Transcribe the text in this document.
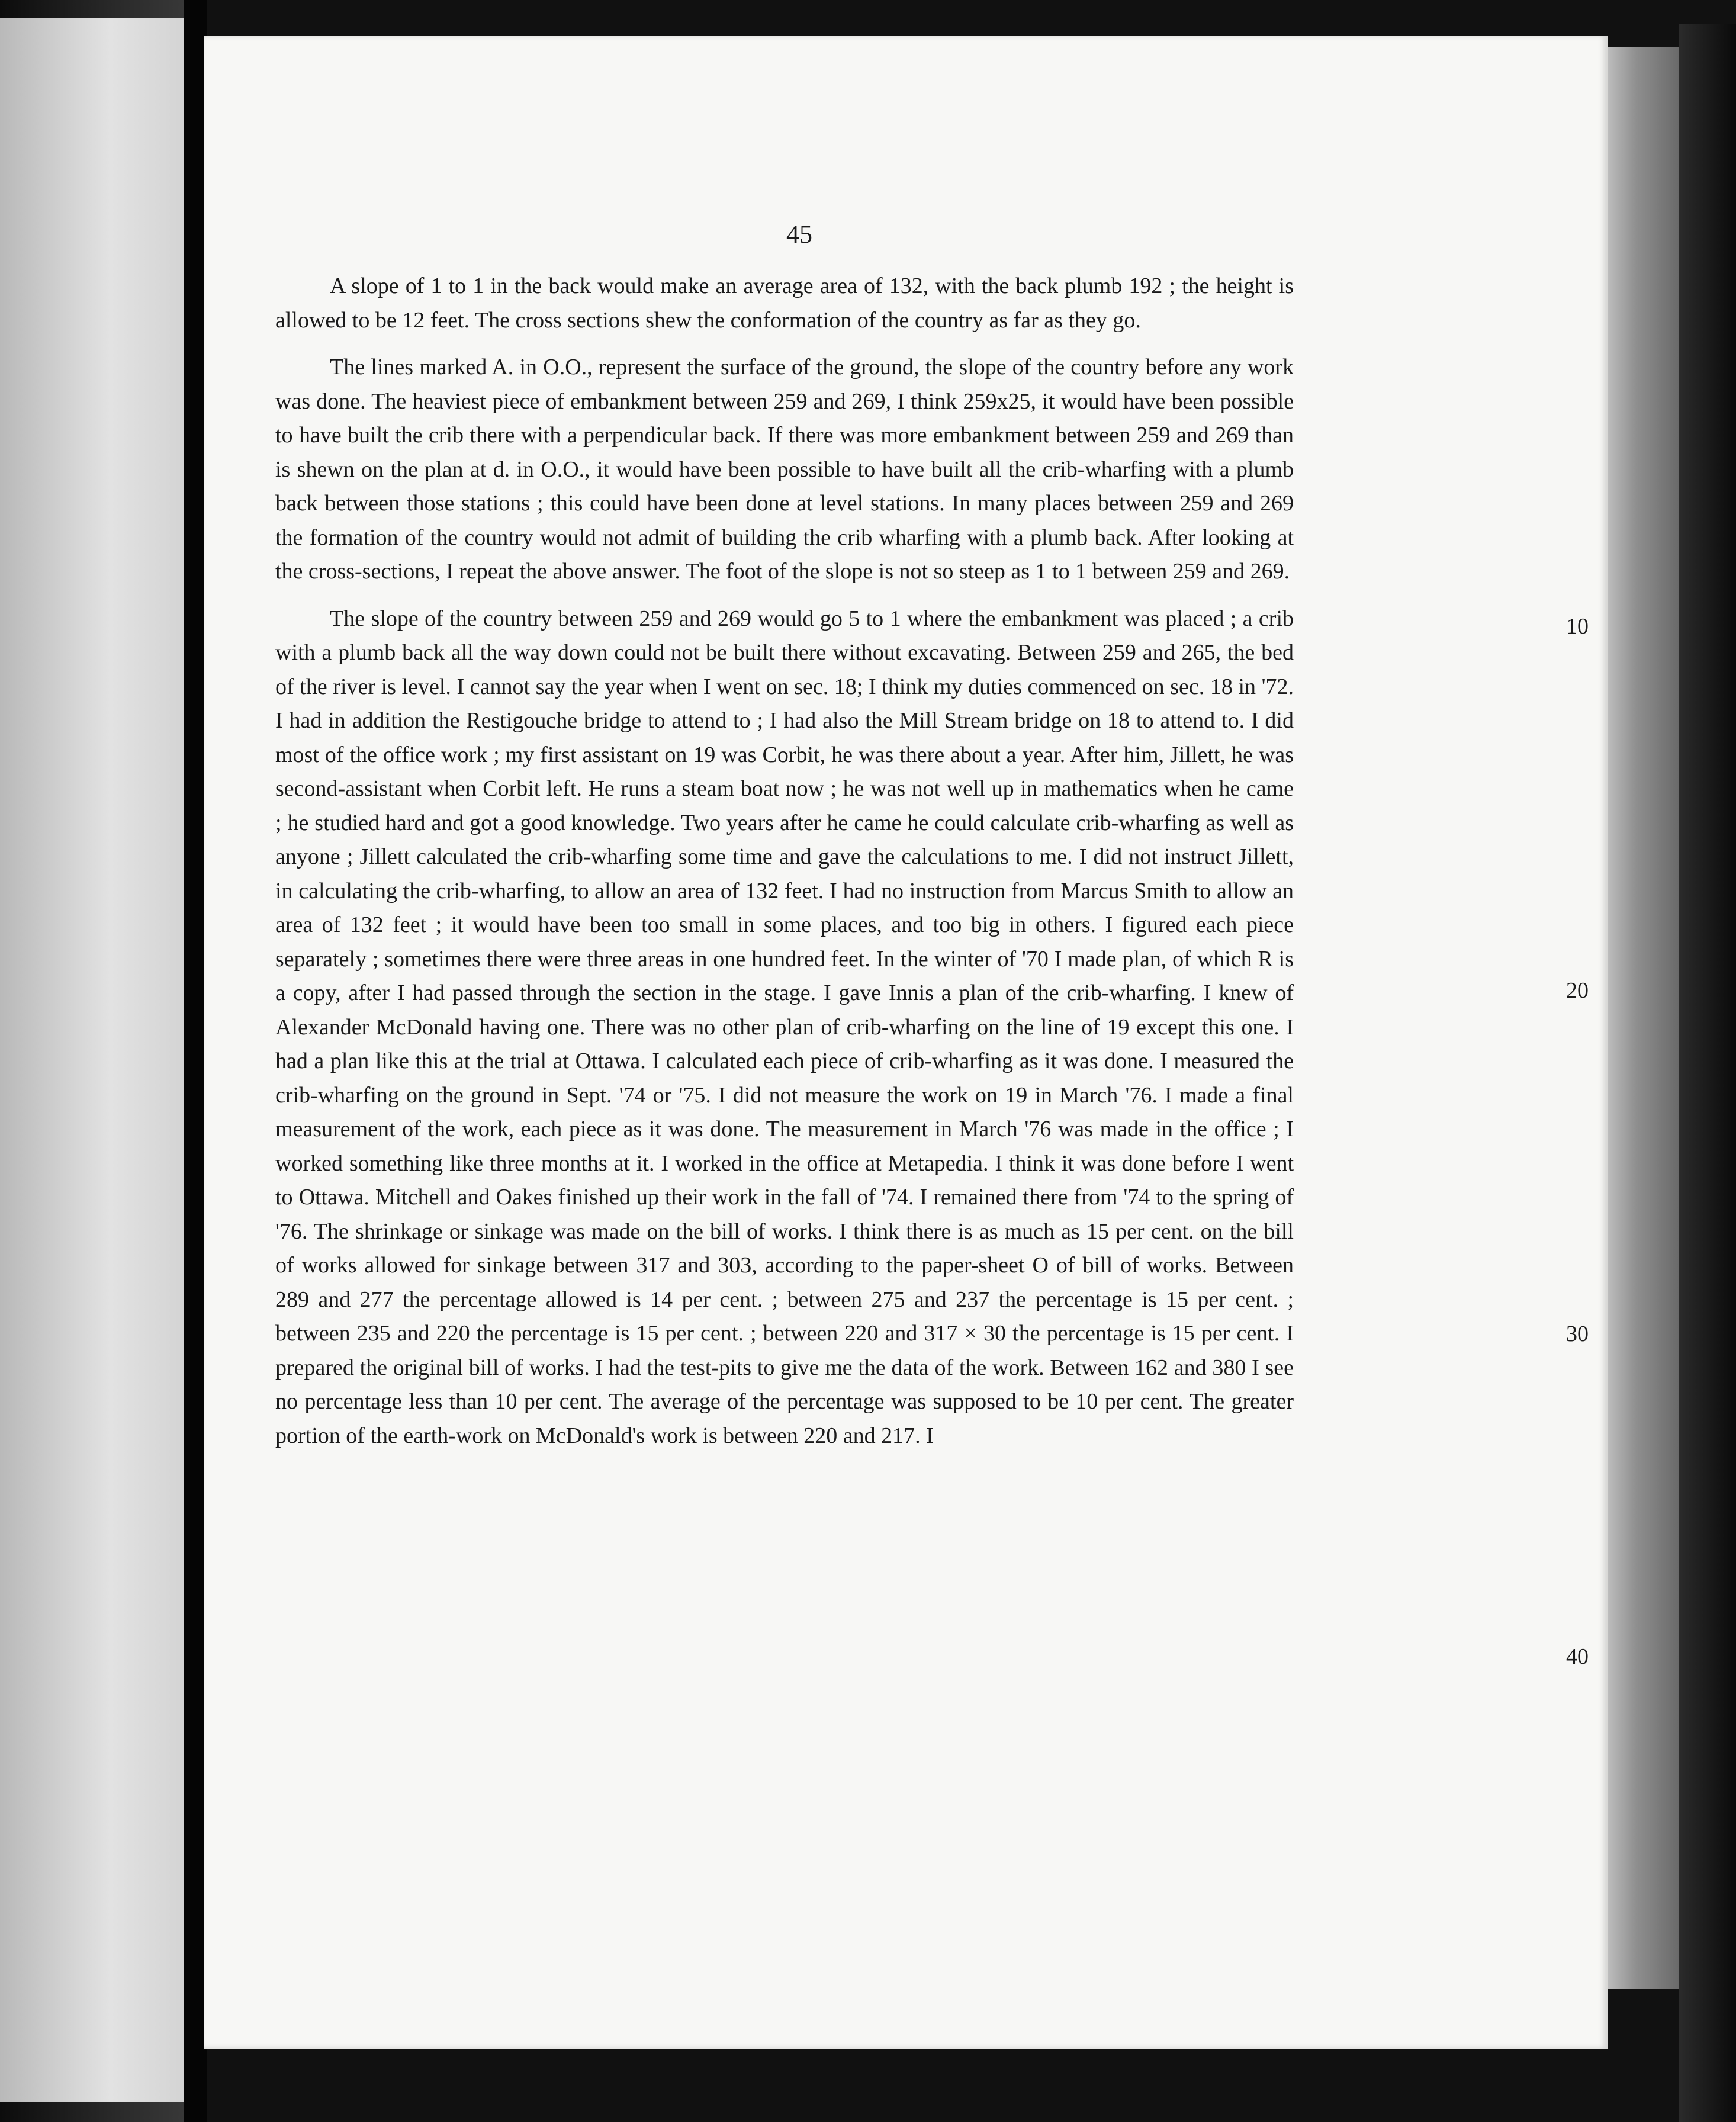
45

A slope of 1 to 1 in the back would make an average area of 132, with the back plumb 192 ; the height is allowed to be 12 feet. The cross sections shew the conformation of the country as far as they go.

The lines marked A. in O.O., represent the surface of the ground, the slope of the country before any work was done. The heaviest piece of embankment between 259 and 269, I think 259x25, it would have been possible to have built the crib there with a perpendicular back. If there was more embankment between 259 and 269 than is shewn on the plan at d. in O.O., it would have been possible to have built all the crib-wharfing with a plumb back between those stations ; this could have been done at level stations. In many places between 259 and 269 the formation of the country would not admit of building the crib wharfing with a plumb back. After looking at the cross-sections, I repeat the above answer. The foot of the slope is not so steep as 1 to 1 between 259 and 269.

The slope of the country between 259 and 269 would go 5 to 1 where the embankment was placed ; a crib with a plumb back all the way down could not be built there without excavating. Between 259 and 265, the bed of the river is level. I cannot say the year when I went on sec. 18; I think my duties commenced on sec. 18 in '72. I had in addition the Restigouche bridge to attend to ; I had also the Mill Stream bridge on 18 to attend to. I did most of the office work ; my first assistant on 19 was Corbit, he was there about a year. After him, Jillett, he was second-assistant when Corbit left. He runs a steam boat now ; he was not well up in mathematics when he came ; he studied hard and got a good knowledge. Two years after he came he could calculate crib-wharfing as well as anyone ; Jillett calculated the crib-wharfing some time and gave the calculations to me. I did not instruct Jillett, in calculating the crib-wharfing, to allow an area of 132 feet. I had no instruction from Marcus Smith to allow an area of 132 feet ; it would have been too small in some places, and too big in others. I figured each piece separately ; sometimes there were three areas in one hundred feet. In the winter of '70 I made plan, of which R is a copy, after I had passed through the section in the stage. I gave Innis a plan of the crib-wharfing. I knew of Alexander McDonald having one. There was no other plan of crib-wharfing on the line of 19 except this one. I had a plan like this at the trial at Ottawa. I calculated each piece of crib-wharfing as it was done. I measured the crib-wharfing on the ground in Sept. '74 or '75. I did not measure the work on 19 in March '76. I made a final measurement of the work, each piece as it was done. The measurement in March '76 was made in the office ; I worked something like three months at it. I worked in the office at Metapedia. I think it was done before I went to Ottawa. Mitchell and Oakes finished up their work in the fall of '74. I remained there from '74 to the spring of '76. The shrinkage or sinkage was made on the bill of works. I think there is as much as 15 per cent. on the bill of works allowed for sinkage between 317 and 303, according to the paper-sheet O of bill of works. Between 289 and 277 the percentage allowed is 14 per cent. ; between 275 and 237 the percentage is 15 per cent. ; between 235 and 220 the percentage is 15 per cent. ; between 220 and 317 × 30 the percentage is 15 per cent. I prepared the original bill of works. I had the test-pits to give me the data of the work. Between 162 and 380 I see no percentage less than 10 per cent. The average of the percentage was supposed to be 10 per cent. The greater portion of the earth-work on McDonald's work is between 220 and 217. I

10
20
30
40
